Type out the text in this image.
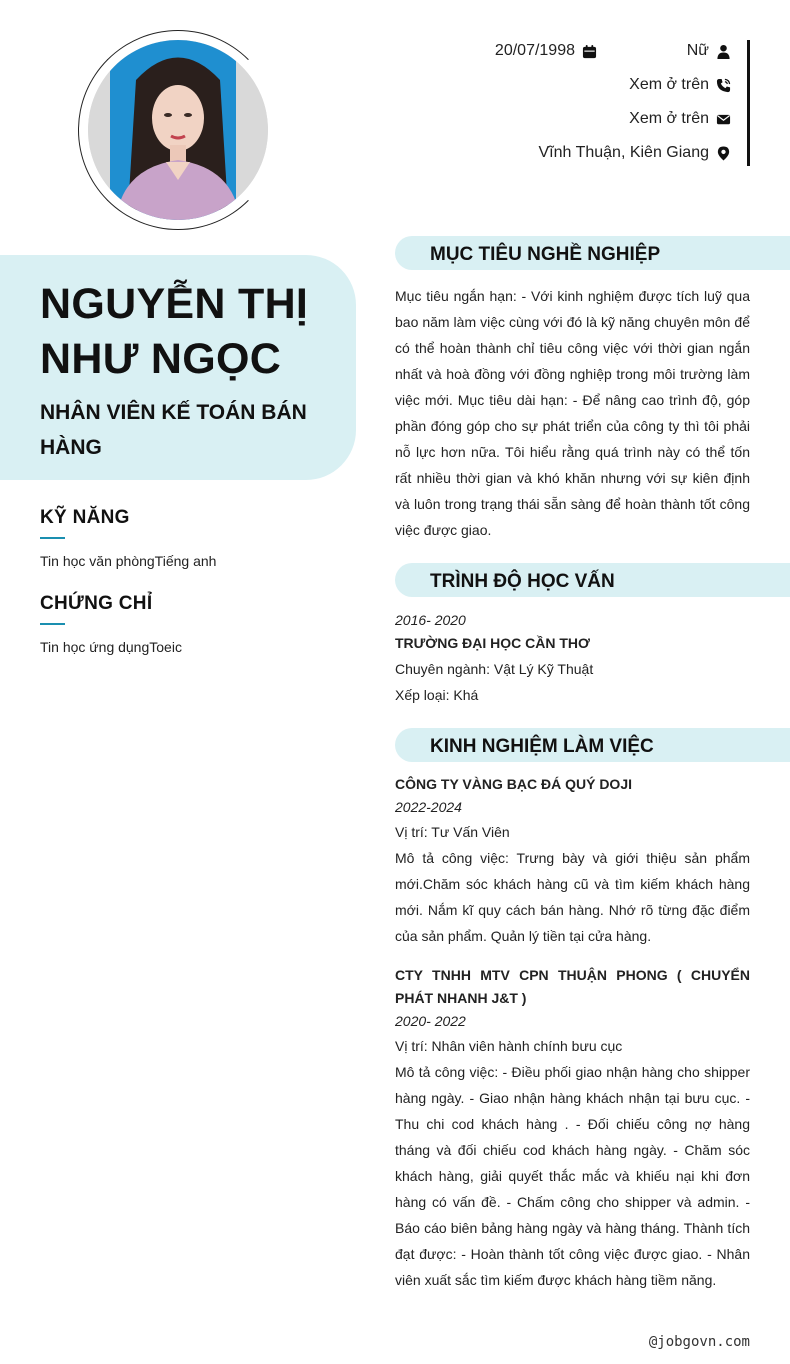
20/07/1998	Nữ
Xem ở trên
Xem ở trên
Vĩnh Thuận, Kiên Giang
NGUYỄN THỊ NHƯ NGỌC
NHÂN VIÊN KẾ TOÁN BÁN HÀNG
KỸ NĂNG

Tin học văn phòngTiếng anh

CHỨNG CHỈ

Tin học ứng dụngToeic

MỤC TIÊU NGHỀ NGHIỆP
Mục tiêu ngắn hạn: - Với kinh nghiệm được tích luỹ qua bao năm làm việc cùng với đó là kỹ năng chuyên môn để có thể hoàn thành chỉ tiêu công việc với thời gian ngắn nhất và hoà đồng với đồng nghiệp trong môi trường làm việc mới. Mục tiêu dài hạn: - Để nâng cao trình độ, góp phần đóng góp cho sự phát triển của công ty thì tôi phải nỗ lực hơn nữa. Tôi hiểu rằng quá trình này có thể tốn rất nhiều thời gian và khó khăn nhưng với sự kiên định và luôn trong trạng thái sẵn sàng để hoàn thành tốt công việc được giao.
TRÌNH ĐỘ HỌC VẤN
2016- 2020
TRƯỜNG ĐẠI HỌC CẦN THƠ
Chuyên ngành: Vật Lý Kỹ Thuật
Xếp loại: Khá
KINH NGHIỆM LÀM VIỆC
CÔNG TY VÀNG BẠC ĐÁ QUÝ DOJI
2022-2024
Vị trí: Tư Vấn Viên
Mô tả công việc: Trưng bày và giới thiệu sản phẩm mới.Chăm sóc khách hàng cũ và tìm kiếm khách hàng mới. Nắm kĩ quy cách bán hàng. Nhớ rõ từng đặc điểm của sản phẩm. Quản lý tiền tại cửa hàng.
CTY TNHH MTV CPN THUẬN PHONG ( CHUYỂN PHÁT NHANH J&T )
2020- 2022
Vị trí: Nhân viên hành chính bưu cục
Mô tả công việc: - Điều phối giao nhận hàng cho shipper hàng ngày. - Giao nhận hàng khách nhận tại bưu cục. - Thu chi cod khách hàng . - Đối chiếu công nợ hàng tháng và đối chiếu cod khách hàng ngày. - Chăm sóc khách hàng, giải quyết thắc mắc và khiếu nại khi đơn hàng có vấn đề. - Chấm công cho shipper và admin. - Báo cáo biên bảng hàng ngày và hàng tháng. Thành tích đạt được: - Hoàn thành tốt công việc được giao. - Nhân viên xuất sắc tìm kiếm được khách hàng tiềm năng.
@jobgovn.com
